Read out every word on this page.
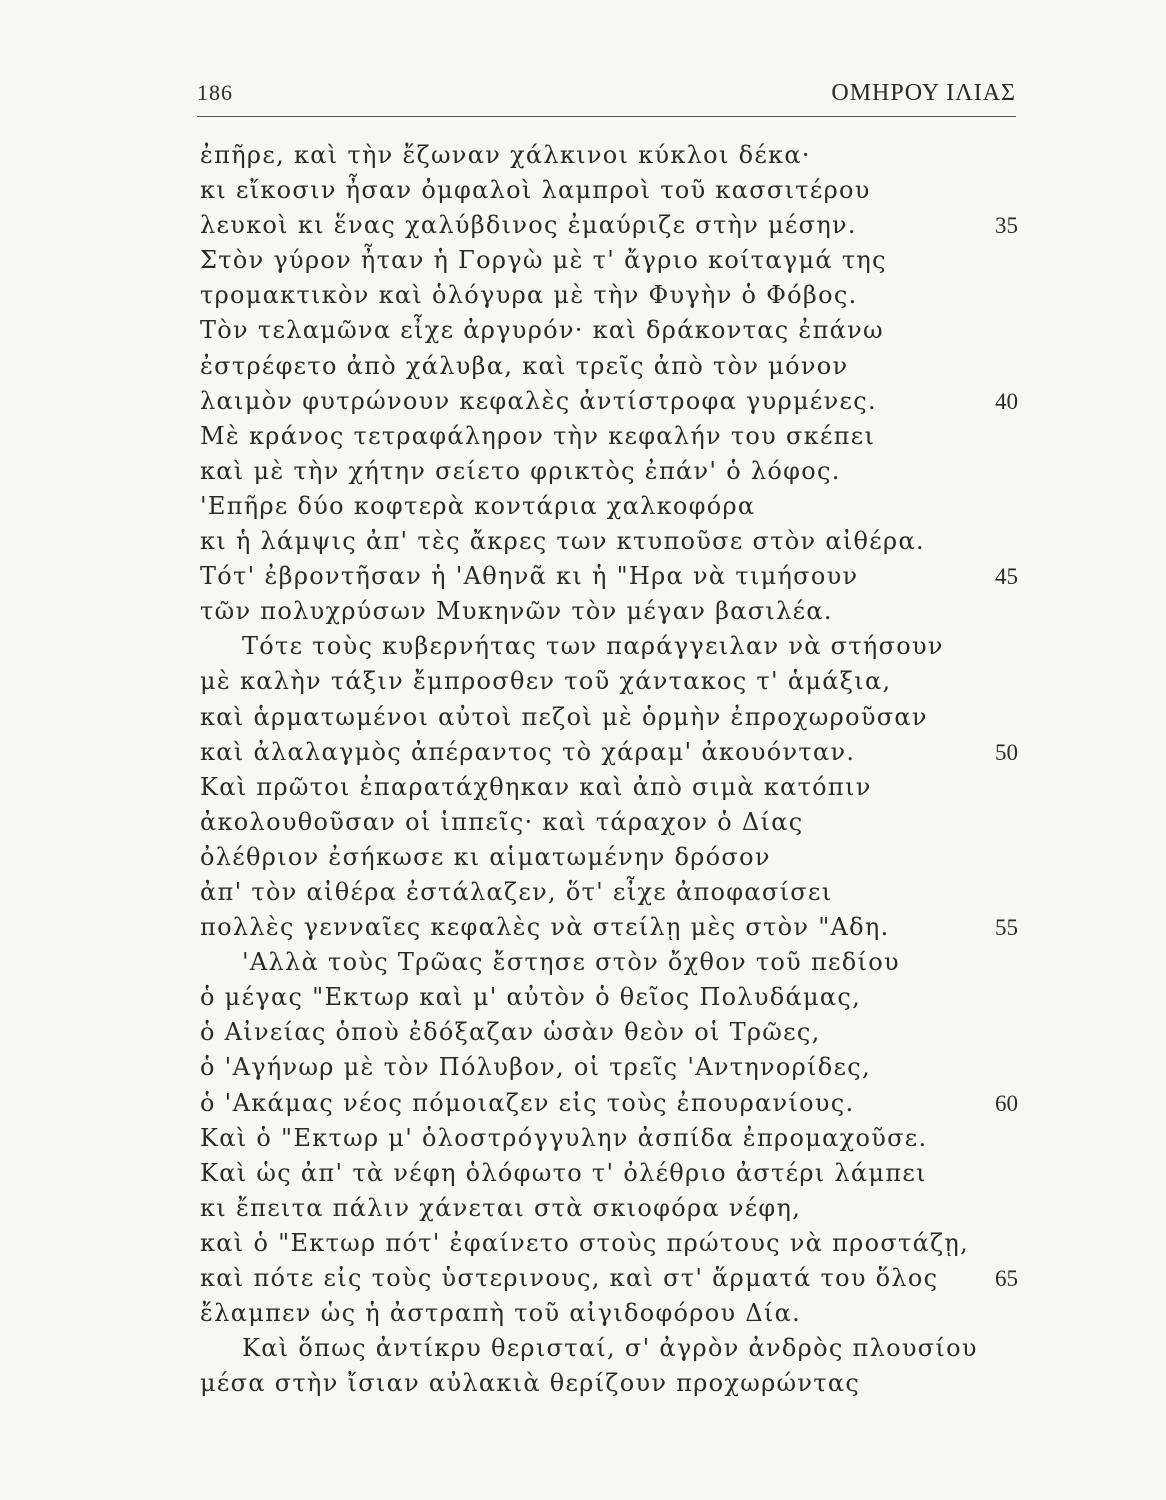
186	ΟΜΗΡΟΥ ΙΛΙΑΣ
ἐπῆρε, καὶ τὴν ἔζωναν χάλκινοι κύκλοι δέκα·
κι εἴκοσιν ἦσαν ὀμφαλοὶ λαμπροὶ τοῦ κασσιτέρου
λευκοὶ κι ἕνας χαλύβδινος ἐμαύριζε στὴν μέσην.	35
Στὸν γύρον ἦταν ἡ Γοργὼ μὲ τ' ἄγριο κοίταγμά της
τρομακτικὸν καὶ ὁλόγυρα μὲ τὴν Φυγὴν ὁ Φόβος.
Τὸν τελαμῶνα εἶχε ἀργυρόν· καὶ δράκοντας ἐπάνω
ἐστρέφετο ἀπὸ χάλυβα, καὶ τρεῖς ἀπὸ τὸν μόνον
λαιμὸν φυτρώνουν κεφαλὲς ἀντίστροφα γυρμένες.	40
Μὲ κράνος τετραφάληρον τὴν κεφαλήν του σκέπει
καὶ μὲ τὴν χήτην σείετο φρικτὸς ἐπάν' ὁ λόφος.
'Επῆρε δύο κοφτερὰ κοντάρια χαλκοφόρα
κι ἡ λάμψις ἀπ' τὲς ἄκρες των κτυποῦσε στὸν αἰθέρα.
Τότ' ἐβροντῆσαν ἡ 'Αθηνᾶ κι ἡ "Ηρα νὰ τιμήσουν	45
τῶν πολυχρύσων Μυκηνῶν τὸν μέγαν βασιλέα.
Τότε τοὺς κυβερνήτας των παράγγειλαν νὰ στήσουν
μὲ καλὴν τάξιν ἔμπροσθεν τοῦ χάντακος τ' ἁμάξια,
καὶ ἁρματωμένοι αὐτοὶ πεζοὶ μὲ ὁρμὴν ἐπροχωροῦσαν
καὶ ἀλαλαγμὸς ἀπέραντος τὸ χάραμ' ἀκουόνταν.	50
Καὶ πρῶτοι ἐπαρατάχθηκαν καὶ ἀπὸ σιμὰ κατόπιν
ἀκολουθοῦσαν οἱ ἱππεῖς· καὶ τάραχον ὁ Δίας
ὀλέθριον ἐσήκωσε κι αἱματωμένην δρόσον
ἀπ' τὸν αἰθέρα ἐστάλαζεν, ὅτ' εἶχε ἀποφασίσει
πολλὲς γενναῖες κεφαλὲς νὰ στείλῃ μὲς στὸν "Αδη.	55
'Αλλὰ τοὺς Τρῶας ἔστησε στὸν ὄχθον τοῦ πεδίου
ὁ μέγας "Εκτωρ καὶ μ' αὐτὸν ὁ θεῖος Πολυδάμας,
ὁ Αἰνείας ὁποὺ ἐδόξαζαν ὡσὰν θεὸν οἱ Τρῶες,
ὁ 'Αγήνωρ μὲ τὸν Πόλυβον, οἱ τρεῖς 'Αντηνορίδες,
ὁ 'Ακάμας νέος πόμοιαζεν εἰς τοὺς ἐπουρανίους.	60
Καὶ ὁ "Εκτωρ μ' ὁλοστρόγγυλην ἀσπίδα ἐπρομαχοῦσε.
Καὶ ὡς ἀπ' τὰ νέφη ὁλόφωτο τ' ὀλέθριο ἀστέρι λάμπει
κι ἔπειτα πάλιν χάνεται στὰ σκιοφόρα νέφη,
καὶ ὁ "Εκτωρ πότ' ἐφαίνετο στοὺς πρώτους νὰ προστάζῃ,
καὶ πότε εἰς τοὺς ὑστερινους, καὶ στ' ἅρματά του ὅλος 65
ἔλαμπεν ὡς ἡ ἀστραπὴ τοῦ αἰγιδοφόρου Δία.
Καὶ ὅπως ἀντίκρυ θερισταί, σ' ἀγρὸν ἀνδρὸς πλουσίου
μέσα στὴν ἴσιαν αὐλακιὰ θερίζουν προχωρώντας
